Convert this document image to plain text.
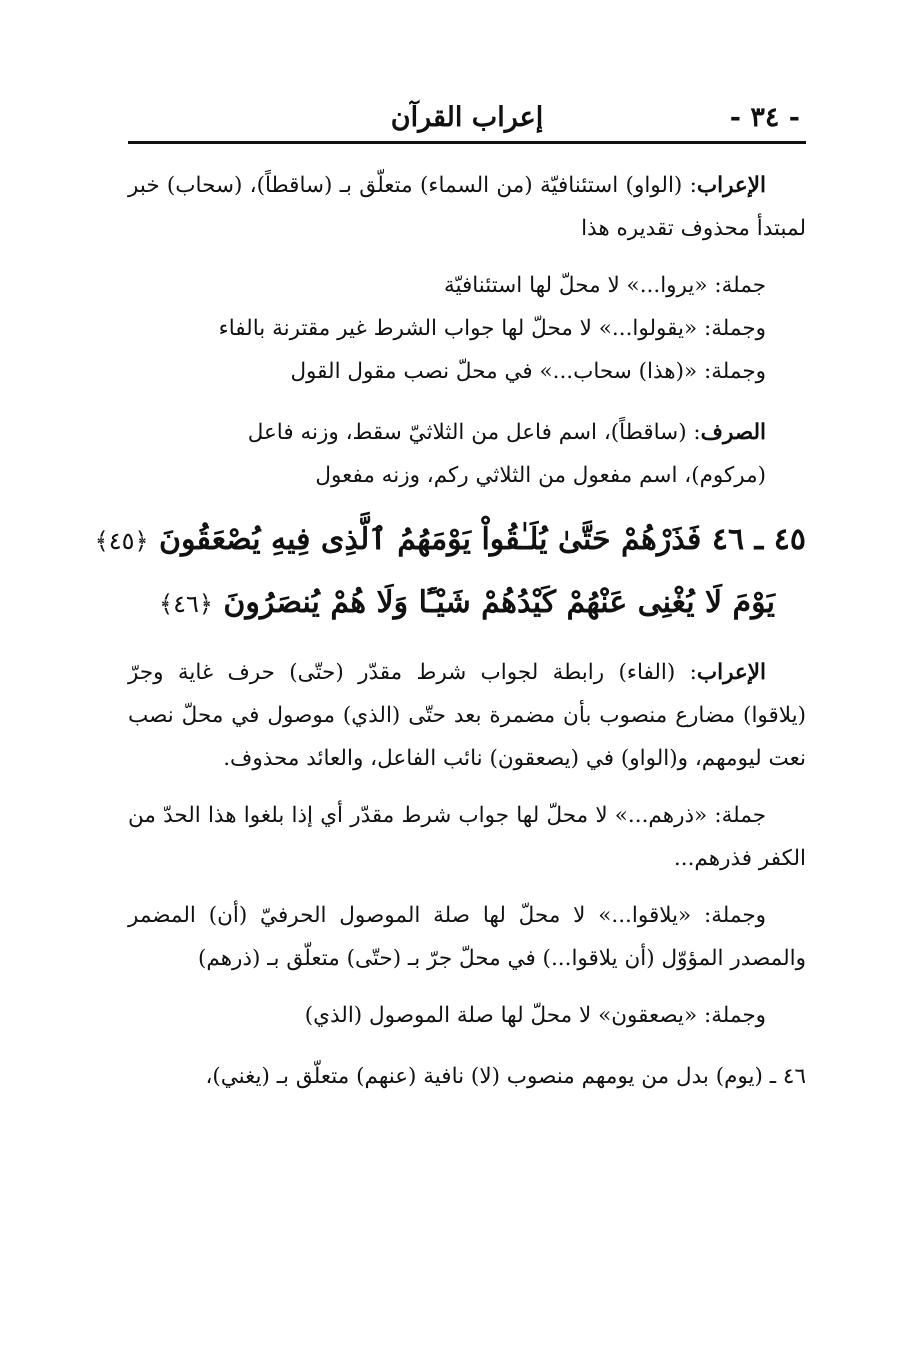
- ٣٤ -
إعراب القرآن

الإعراب: (الواو) استئنافيّة (من السماء) متعلّق بـ (ساقطاً)، (سحاب) خبر لمبتدأ محذوف تقديره هذا

جملة: «يروا...» لا محلّ لها استئنافيّة

وجملة: «يقولوا...» لا محلّ لها جواب الشرط غير مقترنة بالفاء

وجملة: «(هذا) سحاب...» في محلّ نصب مقول القول

الصرف: (ساقطاً)، اسم فاعل من الثلاثيّ سقط، وزنه فاعل

(مركوم)، اسم مفعول من الثلاثي ركم، وزنه مفعول

٤٥ ـ ٤٦ فَذَرْهُمْ حَتَّىٰ يُلَـٰقُواْ يَوْمَهُمُ ٱلَّذِى فِيهِ يُصْعَقُونَ ﴿٤٥﴾
يَوْمَ لَا يُغْنِى عَنْهُمْ كَيْدُهُمْ شَيْـًٔا وَلَا هُمْ يُنصَرُونَ ﴿٤٦﴾

الإعراب: (الفاء) رابطة لجواب شرط مقدّر (حتّى) حرف غاية وجرّ (يلاقوا) مضارع منصوب بأن مضمرة بعد حتّى (الذي) موصول في محلّ نصب نعت ليومهم، و(الواو) في (يصعقون) نائب الفاعل، والعائد محذوف.

جملة: «ذرهم...» لا محلّ لها جواب شرط مقدّر أي إذا بلغوا هذا الحدّ من الكفر فذرهم...

وجملة: «يلاقوا...» لا محلّ لها صلة الموصول الحرفيّ (أن) المضمر والمصدر المؤوّل (أن يلاقوا...) في محلّ جرّ بـ (حتّى) متعلّق بـ (ذرهم)

وجملة: «يصعقون» لا محلّ لها صلة الموصول (الذي)

٤٦ ـ (يوم) بدل من يومهم منصوب (لا) نافية (عنهم) متعلّق بـ (يغني)،
